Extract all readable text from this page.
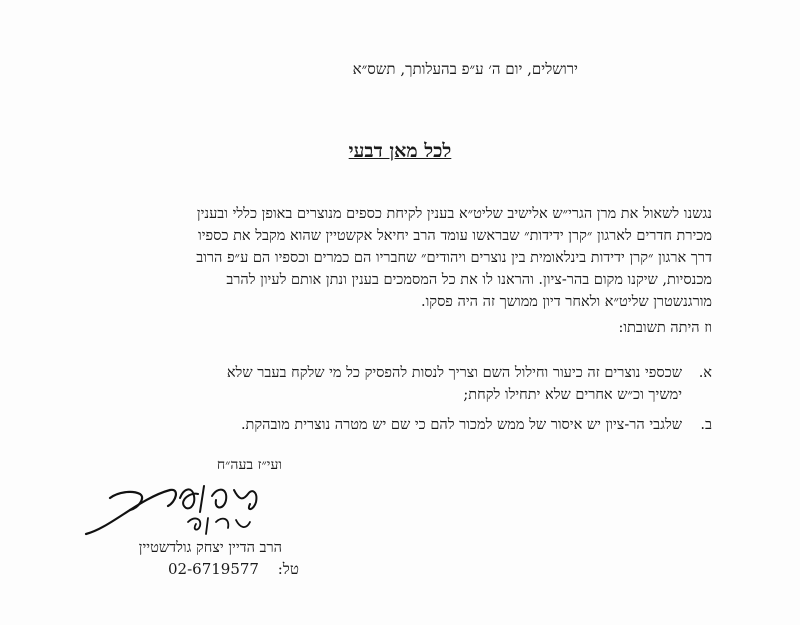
ירושלים, יום ה׳ ע״פ בהעלותך, תשס״א
לכל מאן דבעי
נגשנו לשאול את מרן הגרי״ש אלישיב שליט״א בענין לקיחת כספים מנוצרים באופן כללי ובענין
מכירת חדרים לארגון ״קרן ידידות״ שבראשו עומד הרב יחיאל אקשטיין שהוא מקבל את כספיו
דרך ארגון ״קרן ידידות בינלאומית בין נוצרים ויהודים״ שחבריו הם כמרים וכספיו הם ע״פ הרוב
מכנסיות, שיקנו מקום בהר-ציון. והראנו לו את כל המסמכים בענין ונתן אותם לעיון להרב
מורגנשטרן שליט״א ולאחר דיון ממושך זה היה פסקו.
וז היתה תשובתו:
א.
שכספי נוצרים זה כיעור וחילול השם וצריך לנסות להפסיק כל מי שלקח בעבר שלא
ימשיך וכ״ש אחרים שלא יתחילו לקחת;
ב.
שלגבי הר-ציון יש איסור של ממש למכור להם כי שם יש מטרה נוצרית מובהקת.
ועי״ז בעה״ח
הרב הדיין יצחק גולדשטיין
02-6719577 טל:
